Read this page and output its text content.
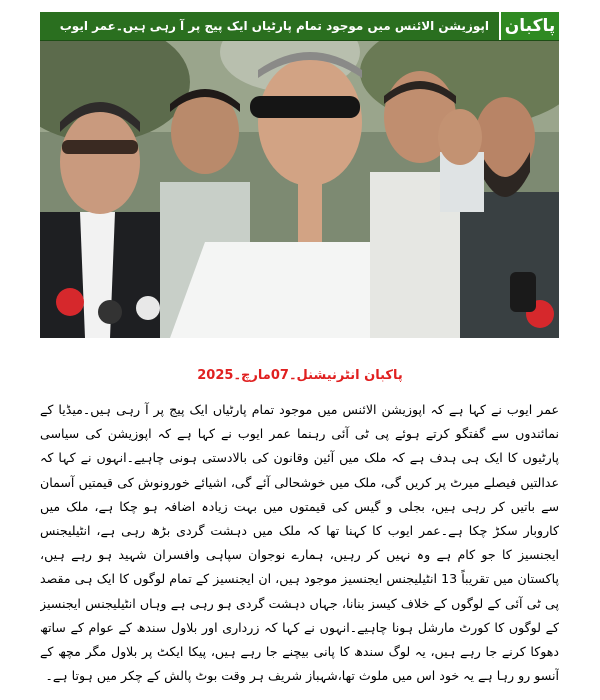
پاکبان
اپوزیشن الائنس میں موجود تمام پارٹیاں ایک پیج پر آ رہی ہیں۔عمر ایوب
پاکبان انٹرنیشنل۔07مارچ۔2025
عمر ایوب نے کہا ہے کہ اپوزیشن الائنس میں موجود تمام پارٹیاں ایک پیج پر آ رہی ہیں۔میڈیا کے نمائندوں سے گفتگو کرتے ہوئے پی ٹی آئی رہنما عمر ایوب نے کہا ہے کہ اپوزیشن کی سیاسی پارٹیوں کا ایک ہی ہدف ہے کہ ملک میں آئین وقانون کی بالادستی ہونی چاہیے۔انہوں نے کہا کہ عدالتیں فیصلے میرٹ پر کریں گی، ملک میں خوشحالی آئے گی، اشیائے خورونوش کی قیمتیں آسمان سے باتیں کر رہی ہیں، بجلی و گیس کی قیمتوں میں بہت زیادہ اضافہ ہو چکا ہے، ملک میں کاروبار سکڑ چکا ہے۔عمر ایوب کا کہنا تھا کہ ملک میں دہشت گردی بڑھ رہی ہے، انٹیلیجنس ایجنسیز کا جو کام ہے وہ نہیں کر رہیں، ہمارے نوجوان سپاہی وافسران شہید ہو رہے ہیں، پاکستان میں تقریباً 13 انٹیلیجنس ایجنسیز موجود ہیں، ان ایجنسیز کے تمام لوگوں کا ایک ہی مقصد پی ٹی آئی کے لوگوں کے خلاف کیسز بنانا، جہاں دہشت گردی ہو رہی ہے وہاں انٹیلیجنس ایجنسیز کے لوگوں کا کورٹ مارشل ہونا چاہیے۔انہوں نے کہا کہ زرداری اور بلاول سندھ کے عوام کے ساتھ دھوکا کرنے جا رہے ہیں، یہ لوگ سندھ کا پانی بیچنے جا رہے ہیں، پیکا ایکٹ پر بلاول مگر مچھ کے آنسو رو رہا ہے یہ خود اس میں ملوث تھا،شہباز شریف ہر وقت بوٹ پالش کے چکر میں ہوتا ہے۔
